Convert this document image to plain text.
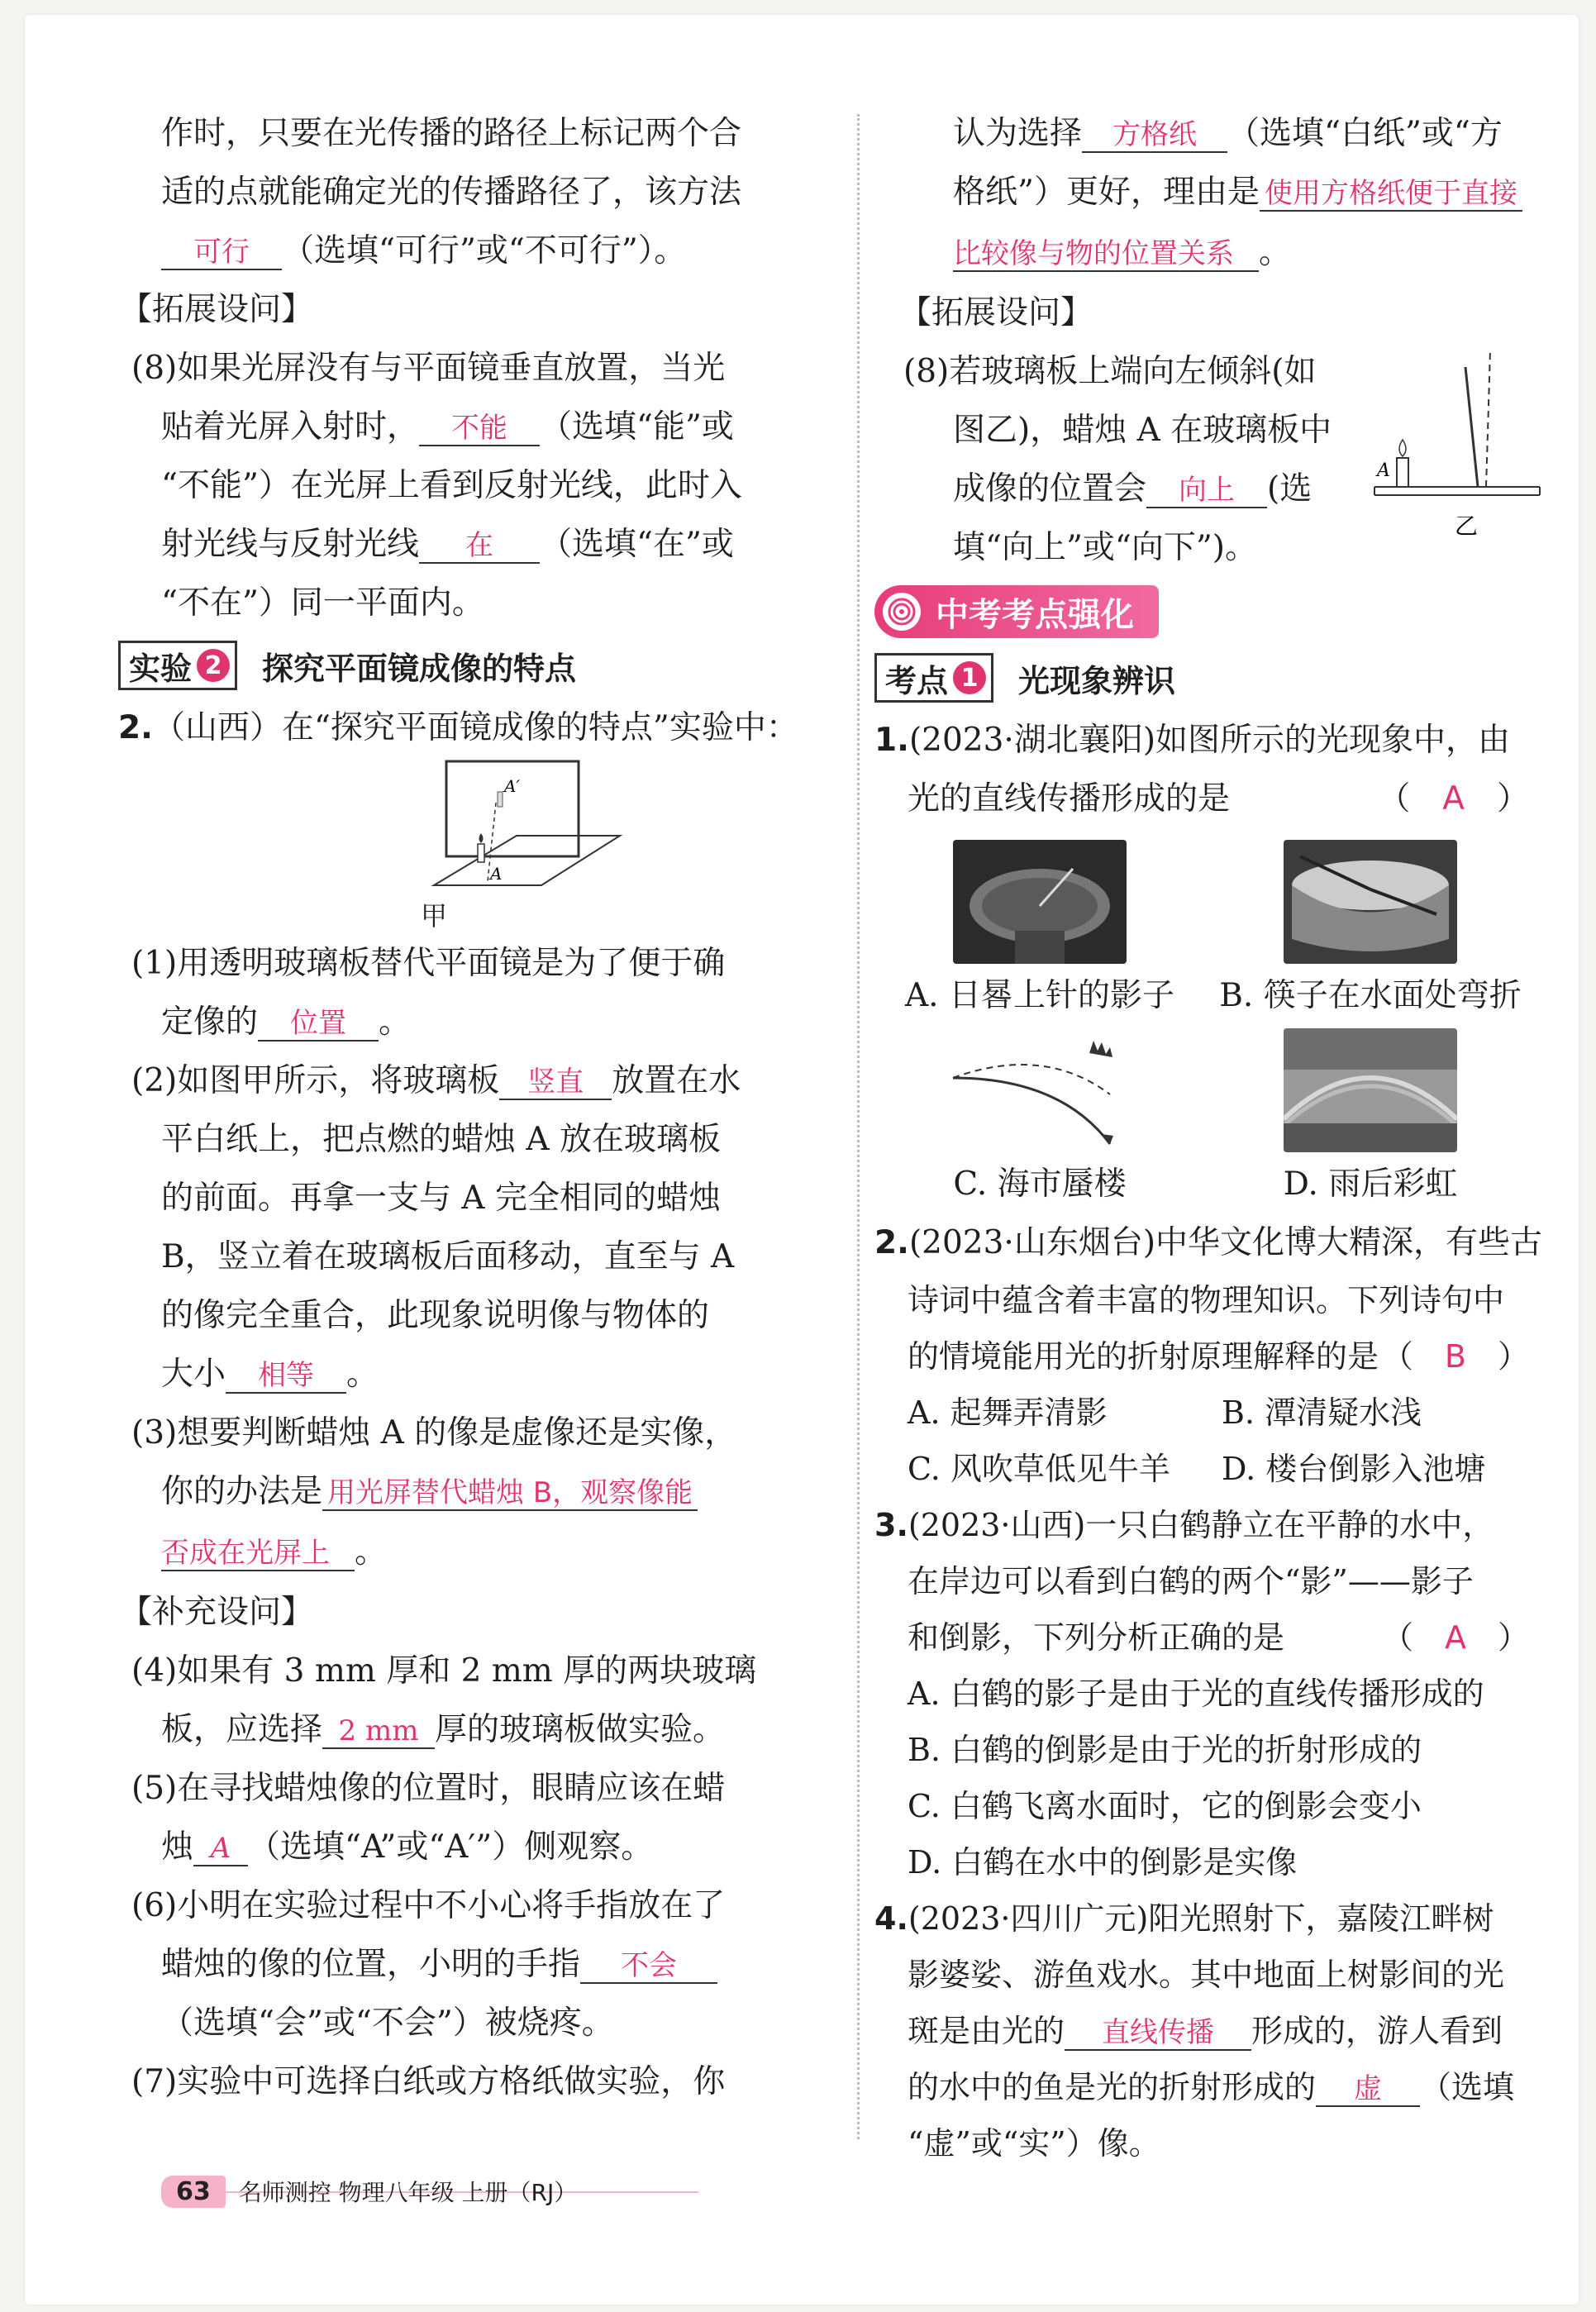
作时，只要在光传播的路径上标记两个合
适的点就能确定光的传播路径了，该方法
可行 （选填“可行”或“不可行”）。
【拓展设问】
(8)如果光屏没有与平面镜垂直放置，当光
贴着光屏入射时， 不能 （选填“能”或
“不能”）在光屏上看到反射光线，此时入
射光线与反射光线 在 （选填“在”或
“不在”）同一平面内。
实验 2 探究平面镜成像的特点
2.（山西）在“探究平面镜成像的特点”实验中：
A′
A
甲
(1)用透明玻璃板替代平面镜是为了便于确
定像的 位置 。
(2)如图甲所示，将玻璃板 竖直 放置在水
平白纸上，把点燃的蜡烛 A 放在玻璃板
的前面。再拿一支与 A 完全相同的蜡烛
B，竖立着在玻璃板后面移动，直至与 A
的像完全重合，此现象说明像与物体的
大小 相等 。
(3)想要判断蜡烛 A 的像是虚像还是实像，
你的办法是 用光屏替代蜡烛 B，观察像能
否成在光屏上 。
【补充设问】
(4)如果有 3 mm 厚和 2 mm 厚的两块玻璃
板，应选择 2 mm 厚的玻璃板做实验。
(5)在寻找蜡烛像的位置时，眼睛应该在蜡
烛 A （选填“A”或“A′”）侧观察。
(6)小明在实验过程中不小心将手指放在了
蜡烛的像的位置，小明的手指 不会
（选填“会”或“不会”）被烧疼。
(7)实验中可选择白纸或方格纸做实验，你
认为选择 方格纸 （选填“白纸”或“方
格纸”）更好，理由是 使用方格纸便于直接
比较像与物的位置关系 。
【拓展设问】
(8)若玻璃板上端向左倾斜(如
图乙)，蜡烛 A 在玻璃板中
成像的位置会 向上 (选
填“向上”或“向下”)。
A
乙
中考考点强化
考点 1 光现象辨识
1.(2023·湖北襄阳)如图所示的光现象中，由
光的直线传播形成的是	（　A　）
A. 日晷上针的影子	B. 筷子在水面处弯折
C. 海市蜃楼	D. 雨后彩虹
2.(2023·山东烟台)中华文化博大精深，有些古
诗词中蕴含着丰富的物理知识。下列诗句中
的情境能用光的折射原理解释的是 （　B　）
A. 起舞弄清影	B. 潭清疑水浅
C. 风吹草低见牛羊 D. 楼台倒影入池塘
3.(2023·山西)一只白鹤静立在平静的水中，
在岸边可以看到白鹤的两个“影”——影子
和倒影，下列分析正确的是	（　A　）
A. 白鹤的影子是由于光的直线传播形成的
B. 白鹤的倒影是由于光的折射形成的
C. 白鹤飞离水面时，它的倒影会变小
D. 白鹤在水中的倒影是实像
4.(2023·四川广元)阳光照射下，嘉陵江畔树
影婆娑、游鱼戏水。其中地面上树影间的光
斑是由光的 直线传播 形成的，游人看到
的水中的鱼是光的折射形成的 虚 （选填
“虚”或“实”）像。
63	名师测控 物理八年级 上册（RJ）
